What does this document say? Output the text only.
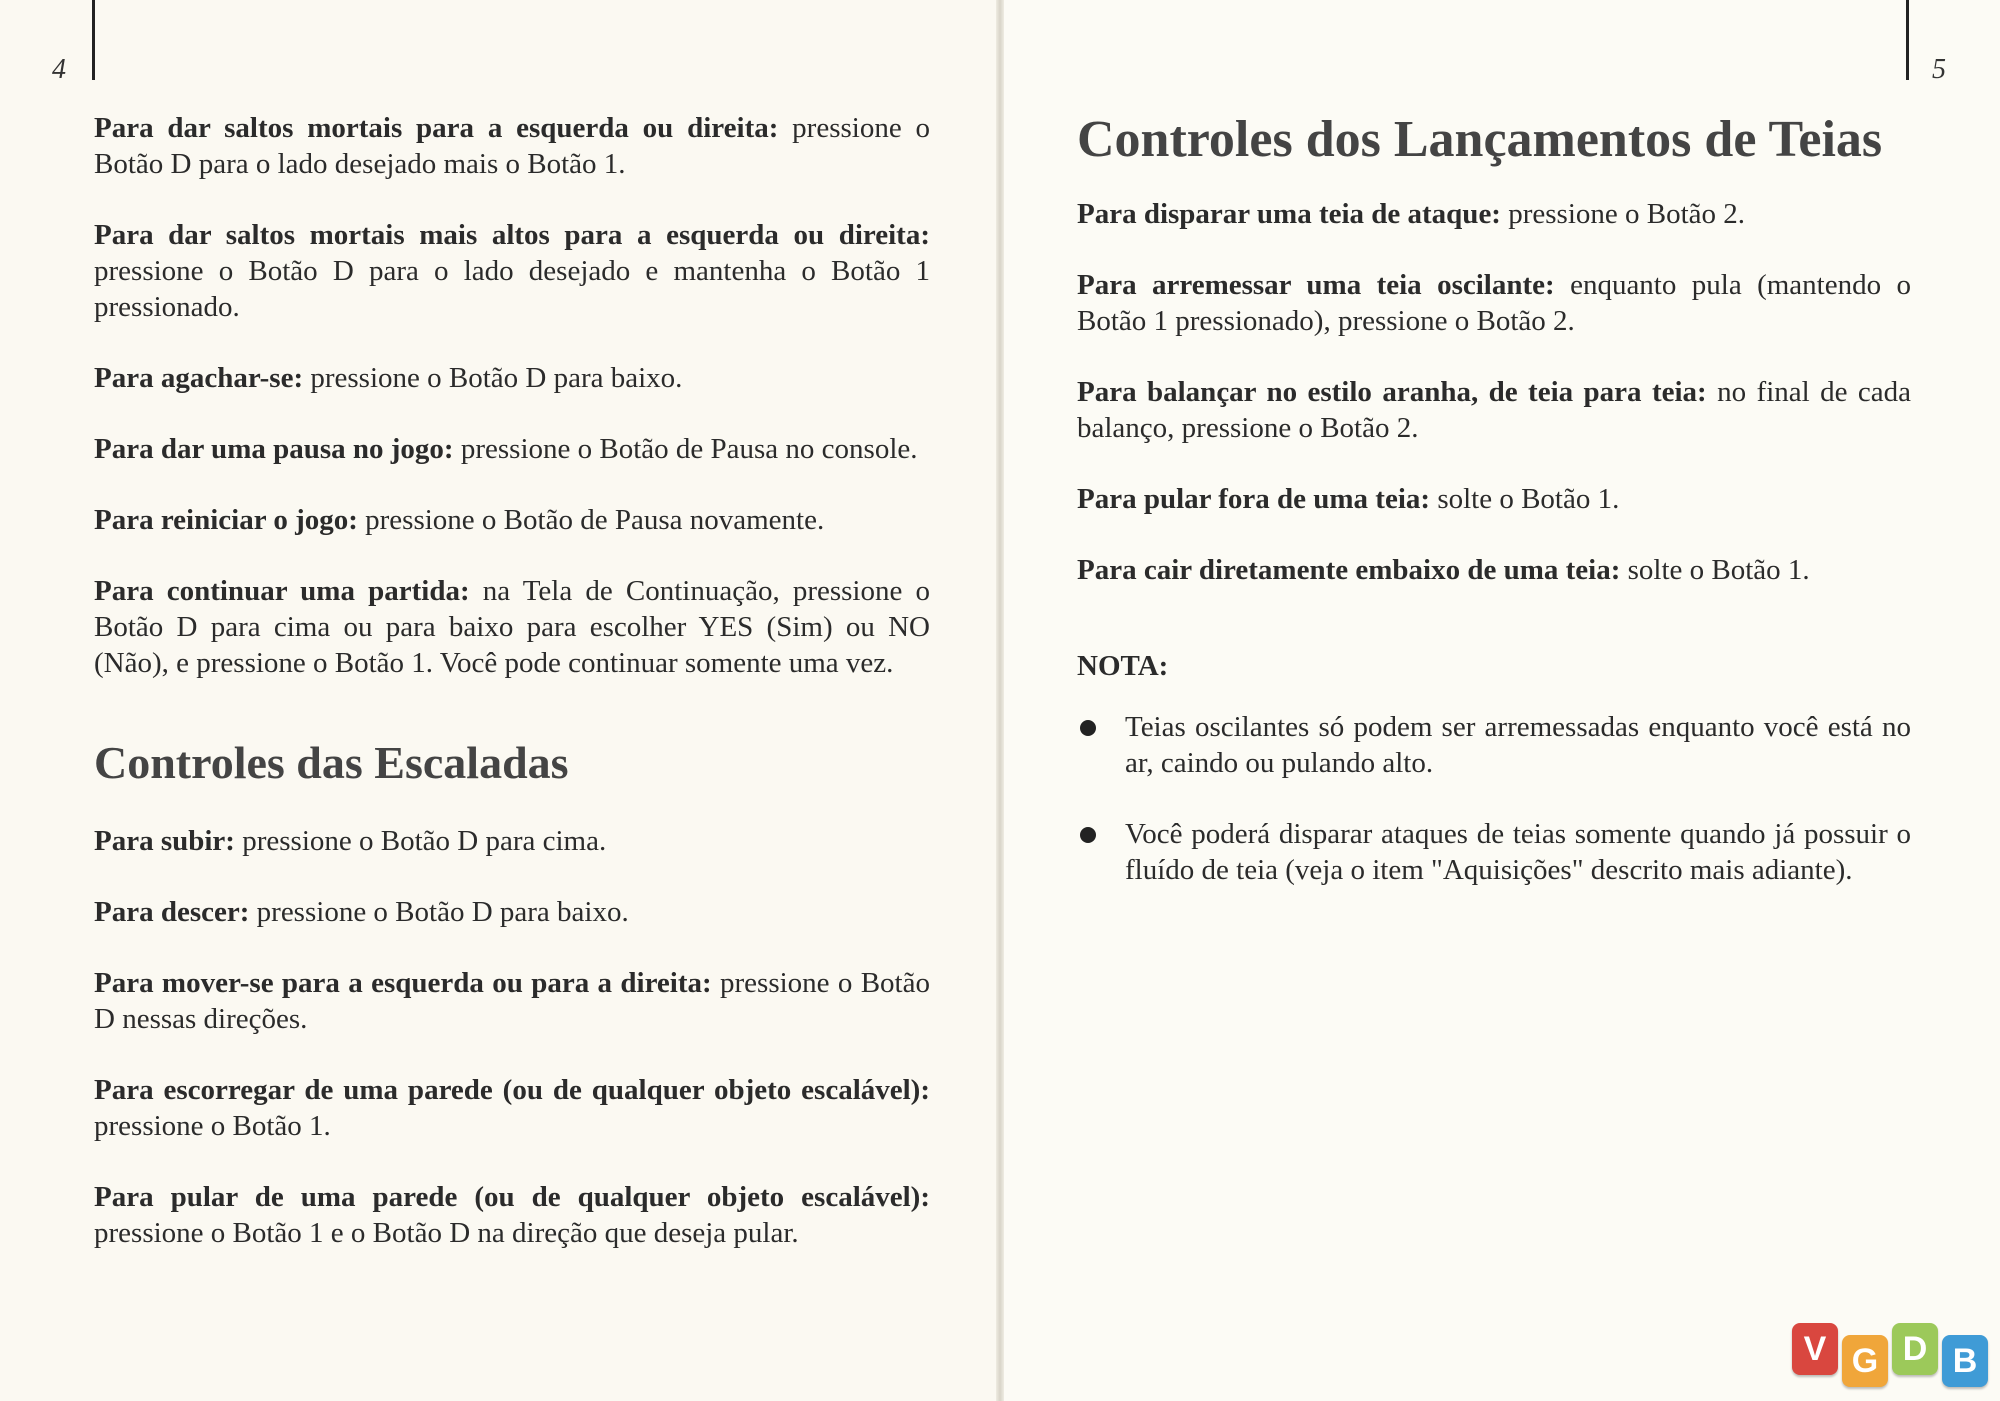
4

Para dar saltos mortais para a esquerda ou direita: pressione o Botão D para o lado desejado mais o Botão 1.

Para dar saltos mortais mais altos para a esquerda ou direita: pressione o Botão D para o lado desejado e mantenha o Botão 1 pressionado.

Para agachar-se: pressione o Botão D para baixo.

Para dar uma pausa no jogo: pressione o Botão de Pausa no console.

Para reiniciar o jogo: pressione o Botão de Pausa novamente.

Para continuar uma partida: na Tela de Continuação, pressione o Botão D para cima ou para baixo para escolher YES (Sim) ou NO (Não), e pressione o Botão 1. Você pode continuar somente uma vez.

Controles das Escaladas

Para subir: pressione o Botão D para cima.

Para descer: pressione o Botão D para baixo.

Para mover-se para a esquerda ou para a direita: pressione o Botão D nessas direções.

Para escorregar de uma parede (ou de qualquer objeto escalável): pressione o Botão 1.

Para pular de uma parede (ou de qualquer objeto escalável): pressione o Botão 1 e o Botão D na direção que deseja pular.

5
Controles dos Lançamentos de Teias

Para disparar uma teia de ataque: pressione o Botão 2.

Para arremessar uma teia oscilante: enquanto pula (mantendo o Botão 1 pressionado), pressione o Botão 2.

Para balançar no estilo aranha, de teia para teia: no final de cada balanço, pressione o Botão 2.

Para pular fora de uma teia: solte o Botão 1.

Para cair diretamente embaixo de uma teia: solte o Botão 1.

NOTA:
Teias oscilantes só podem ser arremessadas enquanto você está no ar, caindo ou pulando alto.
Você poderá disparar ataques de teias somente quando já possuir o fluído de teia (veja o item "Aquisições" descrito mais adiante).
V G D B
